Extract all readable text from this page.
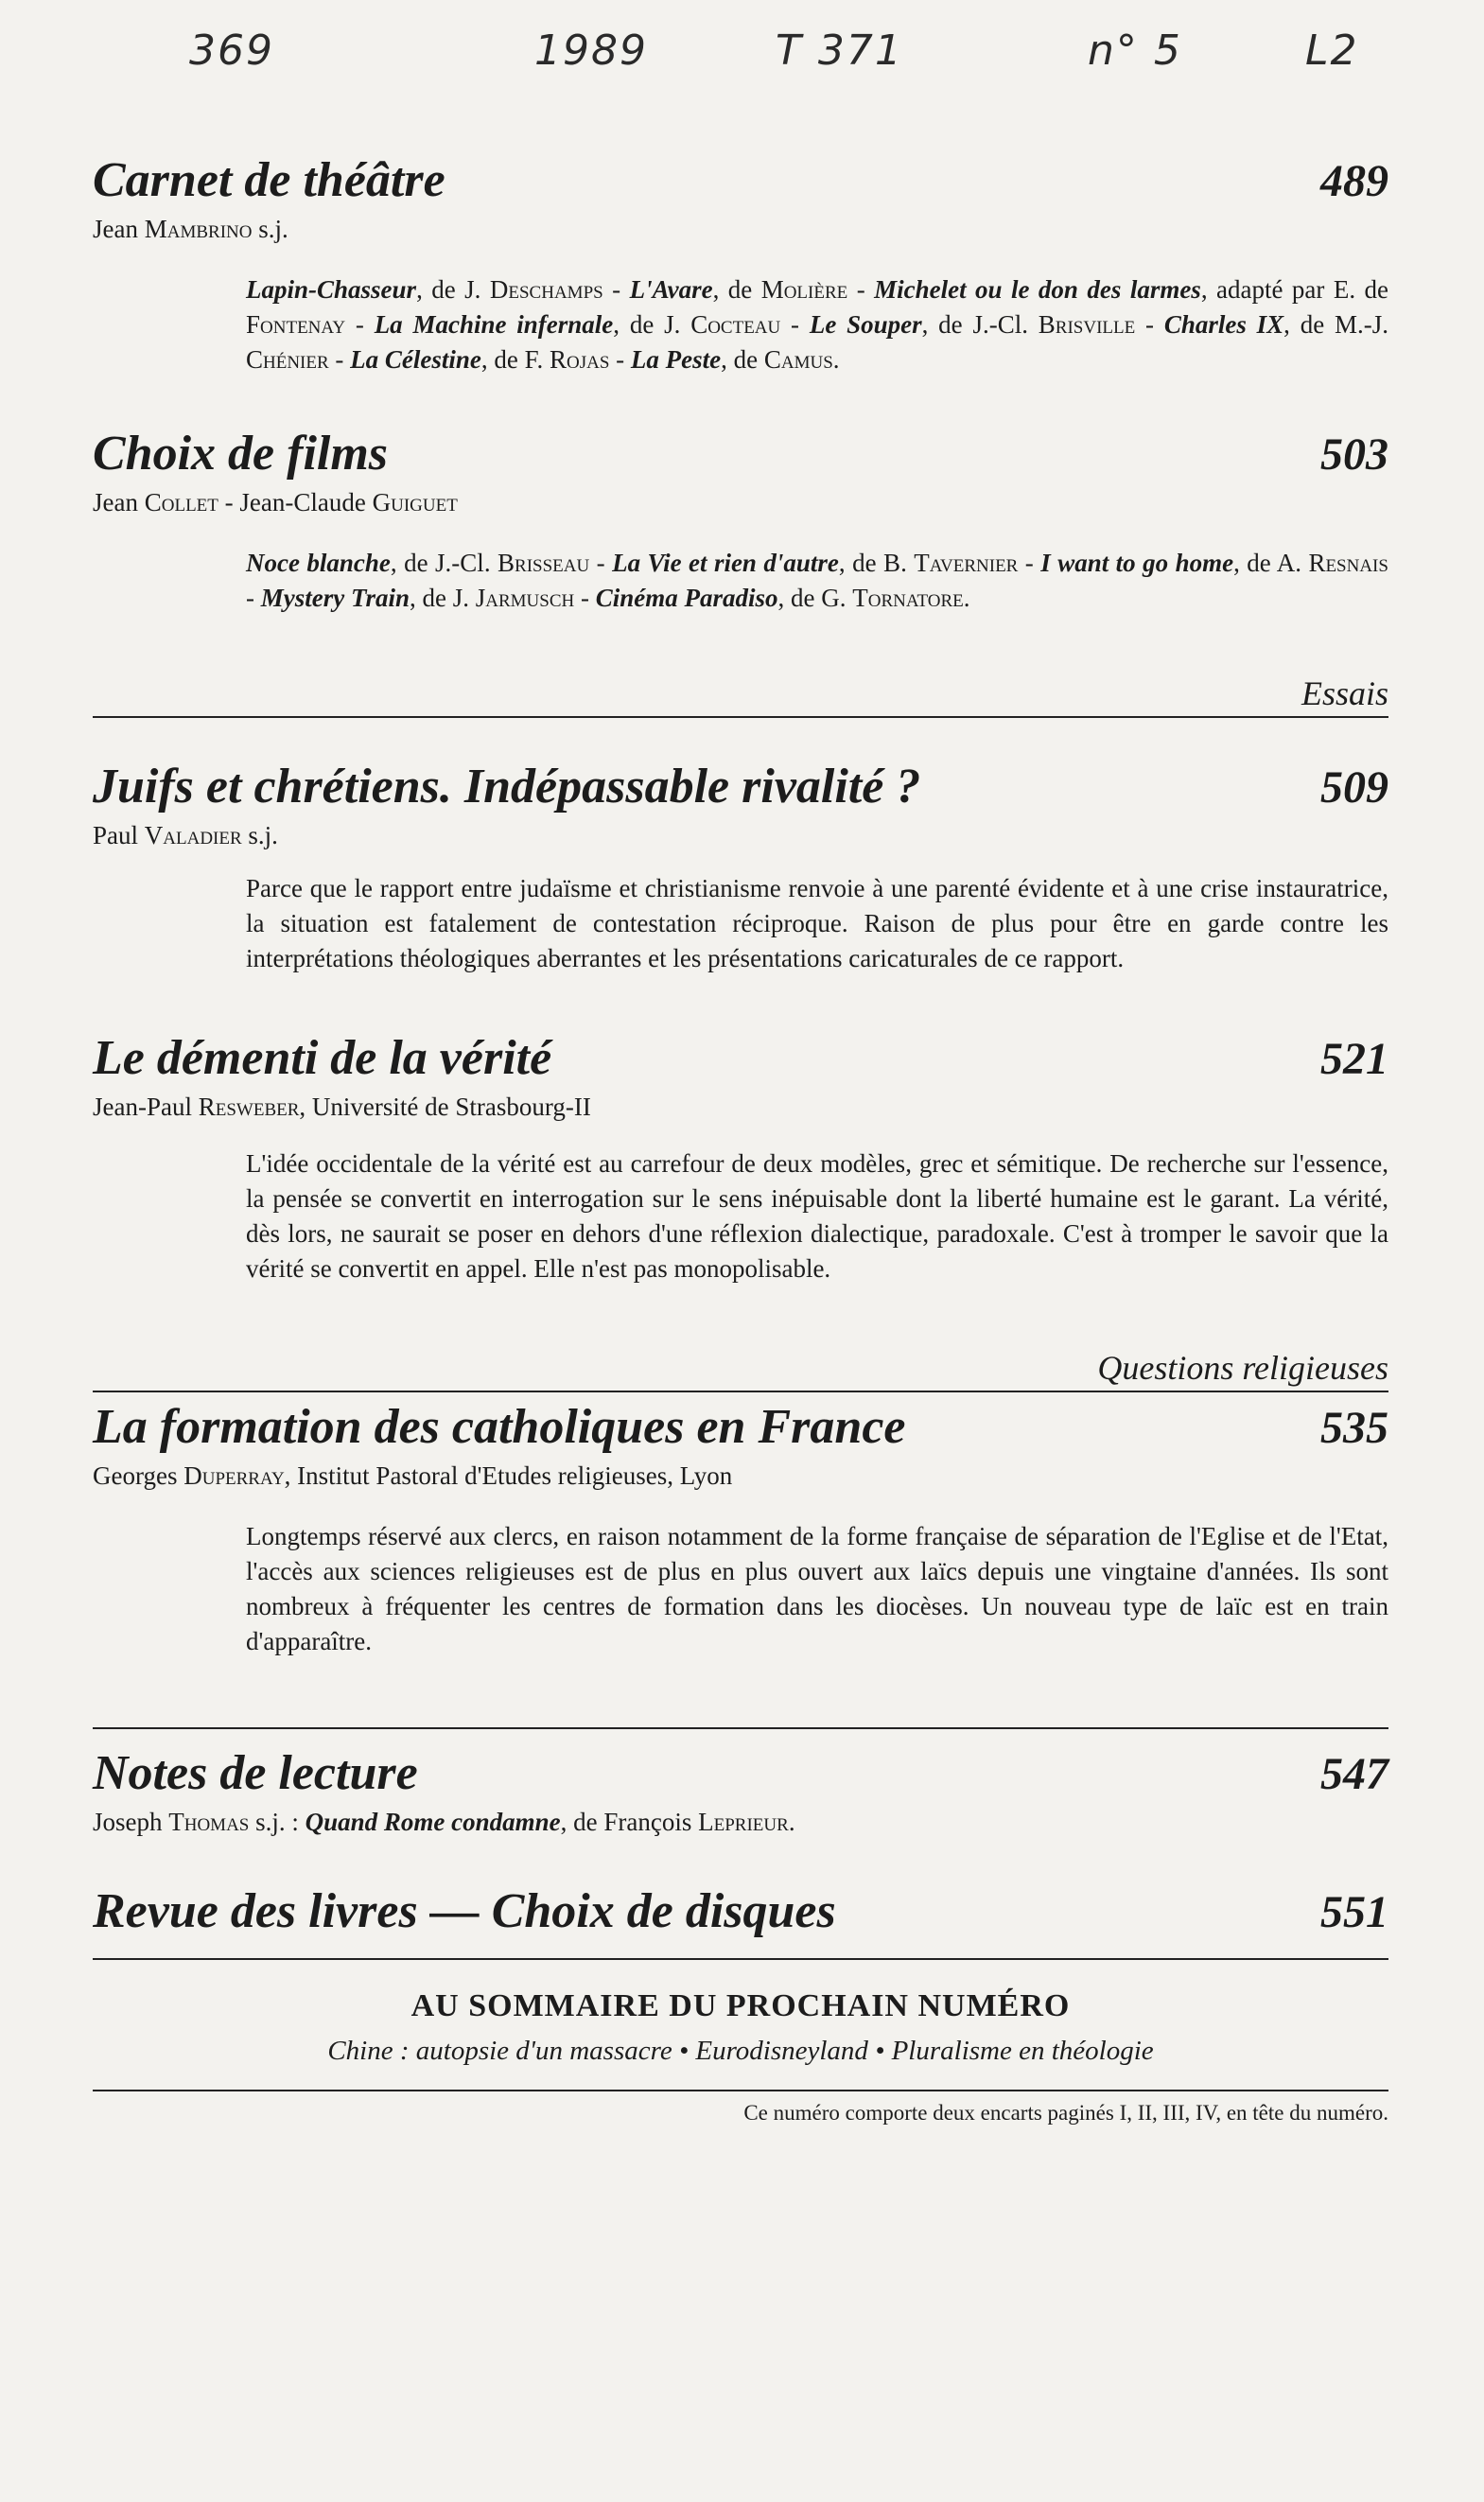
369	1989	T 371	n° 5	L2
Carnet de théâtre	489
Jean Mambrino s.j.
Lapin-Chasseur, de J. Deschamps - L'Avare, de Molière - Michelet ou le don des larmes, adapté par E. de Fontenay - La Machine infernale, de J. Cocteau - Le Souper, de J.-Cl. Brisville - Charles IX, de M.-J. Chénier - La Célestine, de F. Rojas - La Peste, de Camus.
Choix de films	503
Jean Collet - Jean-Claude Guiguet
Noce blanche, de J.-Cl. Brisseau - La Vie et rien d'autre, de B. Tavernier - I want to go home, de A. Resnais - Mystery Train, de J. Jarmusch - Cinéma Paradiso, de G. Tornatore.
Essais
Juifs et chrétiens. Indépassable rivalité ?	509
Paul Valadier s.j.
Parce que le rapport entre judaïsme et christianisme renvoie à une parenté évidente et à une crise instauratrice, la situation est fatalement de contestation réciproque. Raison de plus pour être en garde contre les interprétations théologiques aberrantes et les présentations caricaturales de ce rapport.
Le démenti de la vérité	521
Jean-Paul Resweber, Université de Strasbourg-II
L'idée occidentale de la vérité est au carrefour de deux modèles, grec et sémitique. De recherche sur l'essence, la pensée se convertit en interrogation sur le sens inépuisable dont la liberté humaine est le garant. La vérité, dès lors, ne saurait se poser en dehors d'une réflexion dialectique, paradoxale. C'est à tromper le savoir que la vérité se convertit en appel. Elle n'est pas monopolisable.
Questions religieuses
La formation des catholiques en France	535
Georges Duperray, Institut Pastoral d'Etudes religieuses, Lyon
Longtemps réservé aux clercs, en raison notamment de la forme française de séparation de l'Eglise et de l'Etat, l'accès aux sciences religieuses est de plus en plus ouvert aux laïcs depuis une vingtaine d'années. Ils sont nombreux à fréquenter les centres de formation dans les diocèses. Un nouveau type de laïc est en train d'apparaître.
Notes de lecture	547
Joseph Thomas s.j. : Quand Rome condamne, de François Leprieur.
Revue des livres — Choix de disques	551
AU SOMMAIRE DU PROCHAIN NUMÉRO
Chine : autopsie d'un massacre • Eurodisneyland • Pluralisme en théologie
Ce numéro comporte deux encarts paginés I, II, III, IV, en tête du numéro.
